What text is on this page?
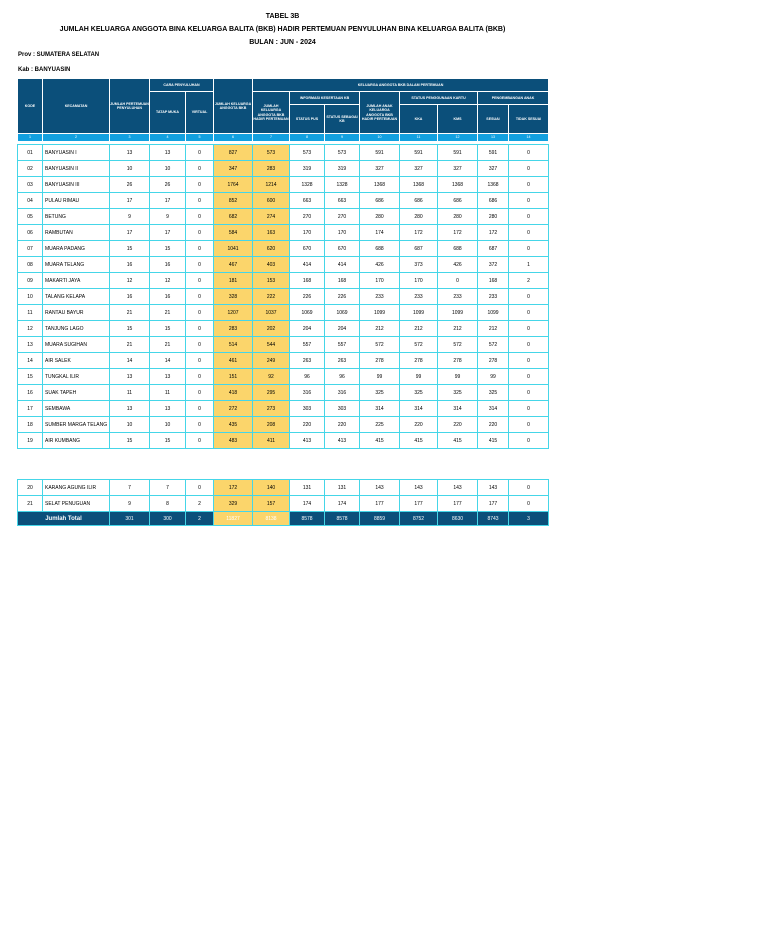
TABEL 3B
JUMLAH KELUARGA ANGGOTA BINA KELUARGA BALITA (BKB) HADIR PERTEMUAN PENYULUHAN BINA KELUARGA BALITA (BKB)
BULAN : JUN - 2024
Prov : SUMATERA SELATAN
Kab : BANYUASIN
KODE	KECAMATAN	JUMLAH PERTEMUAN PENYULUHAN	CARA PENYULUHAN		JUMLAH KELUARGA ANGGOTA BKB	KELUARGA ANGGOTA BKB DALAM PERTEMUAN							
			TATAP MUKA	VIRTUAL		JUMLAH KELUARGA ANGGOTA BKB HADIR PERTEMUAN	INFORMASI KESERTAAN KB		JUMLAH ANAK KELUARGA ANGGOTA BKB HADIR PERTEMUAN	STATUS PENGGUNAAN KARTU		PENGEMBANGAN ANAK	
							STATUS PUS	STATUS SEBAGAI KB		KKA	KMS	SESUAI	TIDAK SESUAI
1	2	3	4	5	6	7	8	9	10	11	12	13	14
01	BANYUASIN I	13	13	0	827	573	573	573	591	591	591	591	0
02	BANYUASIN II	10	10	0	347	283	319	319	327	327	327	327	0
03	BANYUASIN III	26	26	0	1764	1214	1328	1328	1368	1368	1368	1368	0
04	PULAU RIMAU	17	17	0	852	600	663	663	686	686	686	686	0
05	BETUNG	9	9	0	682	274	270	270	280	280	280	280	0
06	RAMBUTAN	17	17	0	584	163	170	170	174	172	172	172	0
07	MUARA PADANG	15	15	0	1041	620	670	670	688	687	688	687	0
08	MUARA TELANG	16	16	0	467	403	414	414	426	373	426	372	1
09	MAKARTI JAYA	12	12	0	181	153	168	168	170	170	0	168	2
10	TALANG KELAPA	16	16	0	328	222	226	226	233	233	233	233	0
11	RANTAU BAYUR	21	21	0	1207	1037	1069	1069	1099	1099	1099	1099	0
12	TANJUNG LAGO	15	15	0	283	202	204	204	212	212	212	212	0
13	MUARA SUGIHAN	21	21	0	514	544	557	557	572	572	572	572	0
14	AIR SALEK	14	14	0	461	249	263	263	278	278	278	278	0
15	TUNGKAL ILIR	13	13	0	151	92	96	96	99	99	99	99	0
16	SUAK TAPEH	11	11	0	418	295	316	316	325	325	325	325	0
17	SEMBAWA	13	13	0	272	273	303	303	314	314	314	314	0
18	SUMBER MARGA TELANG	10	10	0	435	208	220	220	225	220	220	220	0
19	AIR KUMBANG	15	15	0	483	411	413	413	415	415	415	415	0
20	KARANG AGUNG ILIR	7	7	0	172	140	131	131	143	143	143	143	0
21	SELAT PENUGUAN	9	8	2	329	157	174	174	177	177	177	177	0
Jumlah Total		301	300	2	11827	8138	8578	8578	8859	8752	8630	8743	3
